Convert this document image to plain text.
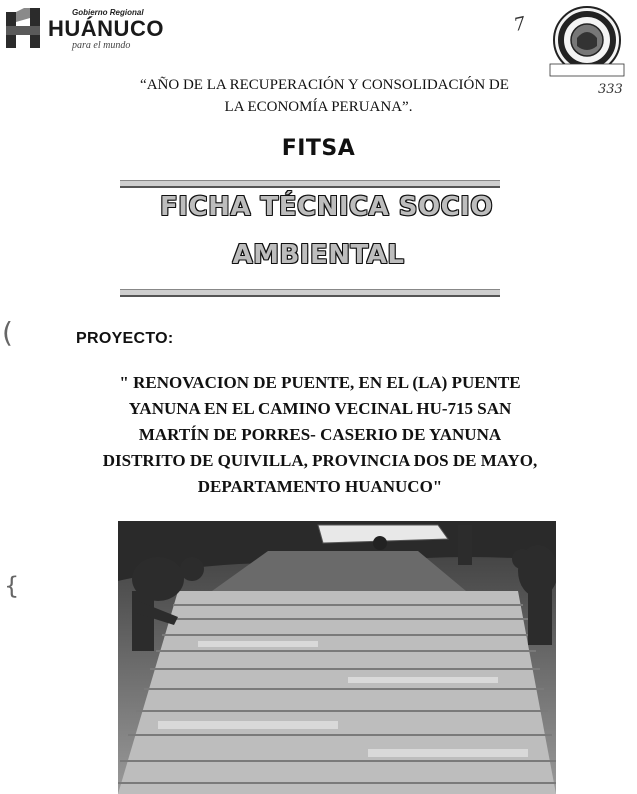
Gobierno Regional
HUÁNUCO
para el mundo
7
333
“AÑO DE LA RECUPERACIÓN Y CONSOLIDACIÓN DE
LA ECONOMÍA PERUANA”.
FITSA
FICHA TÉCNICA SOCIO
AMBIENTAL
(
{
PROYECTO:
" RENOVACION DE PUENTE, EN EL (LA) PUENTE
YANUNA EN EL CAMINO VECINAL HU-715 SAN
MARTÍN DE PORRES- CASERIO DE YANUNA
DISTRITO DE QUIVILLA, PROVINCIA DOS DE MAYO,
DEPARTAMENTO HUANUCO"
